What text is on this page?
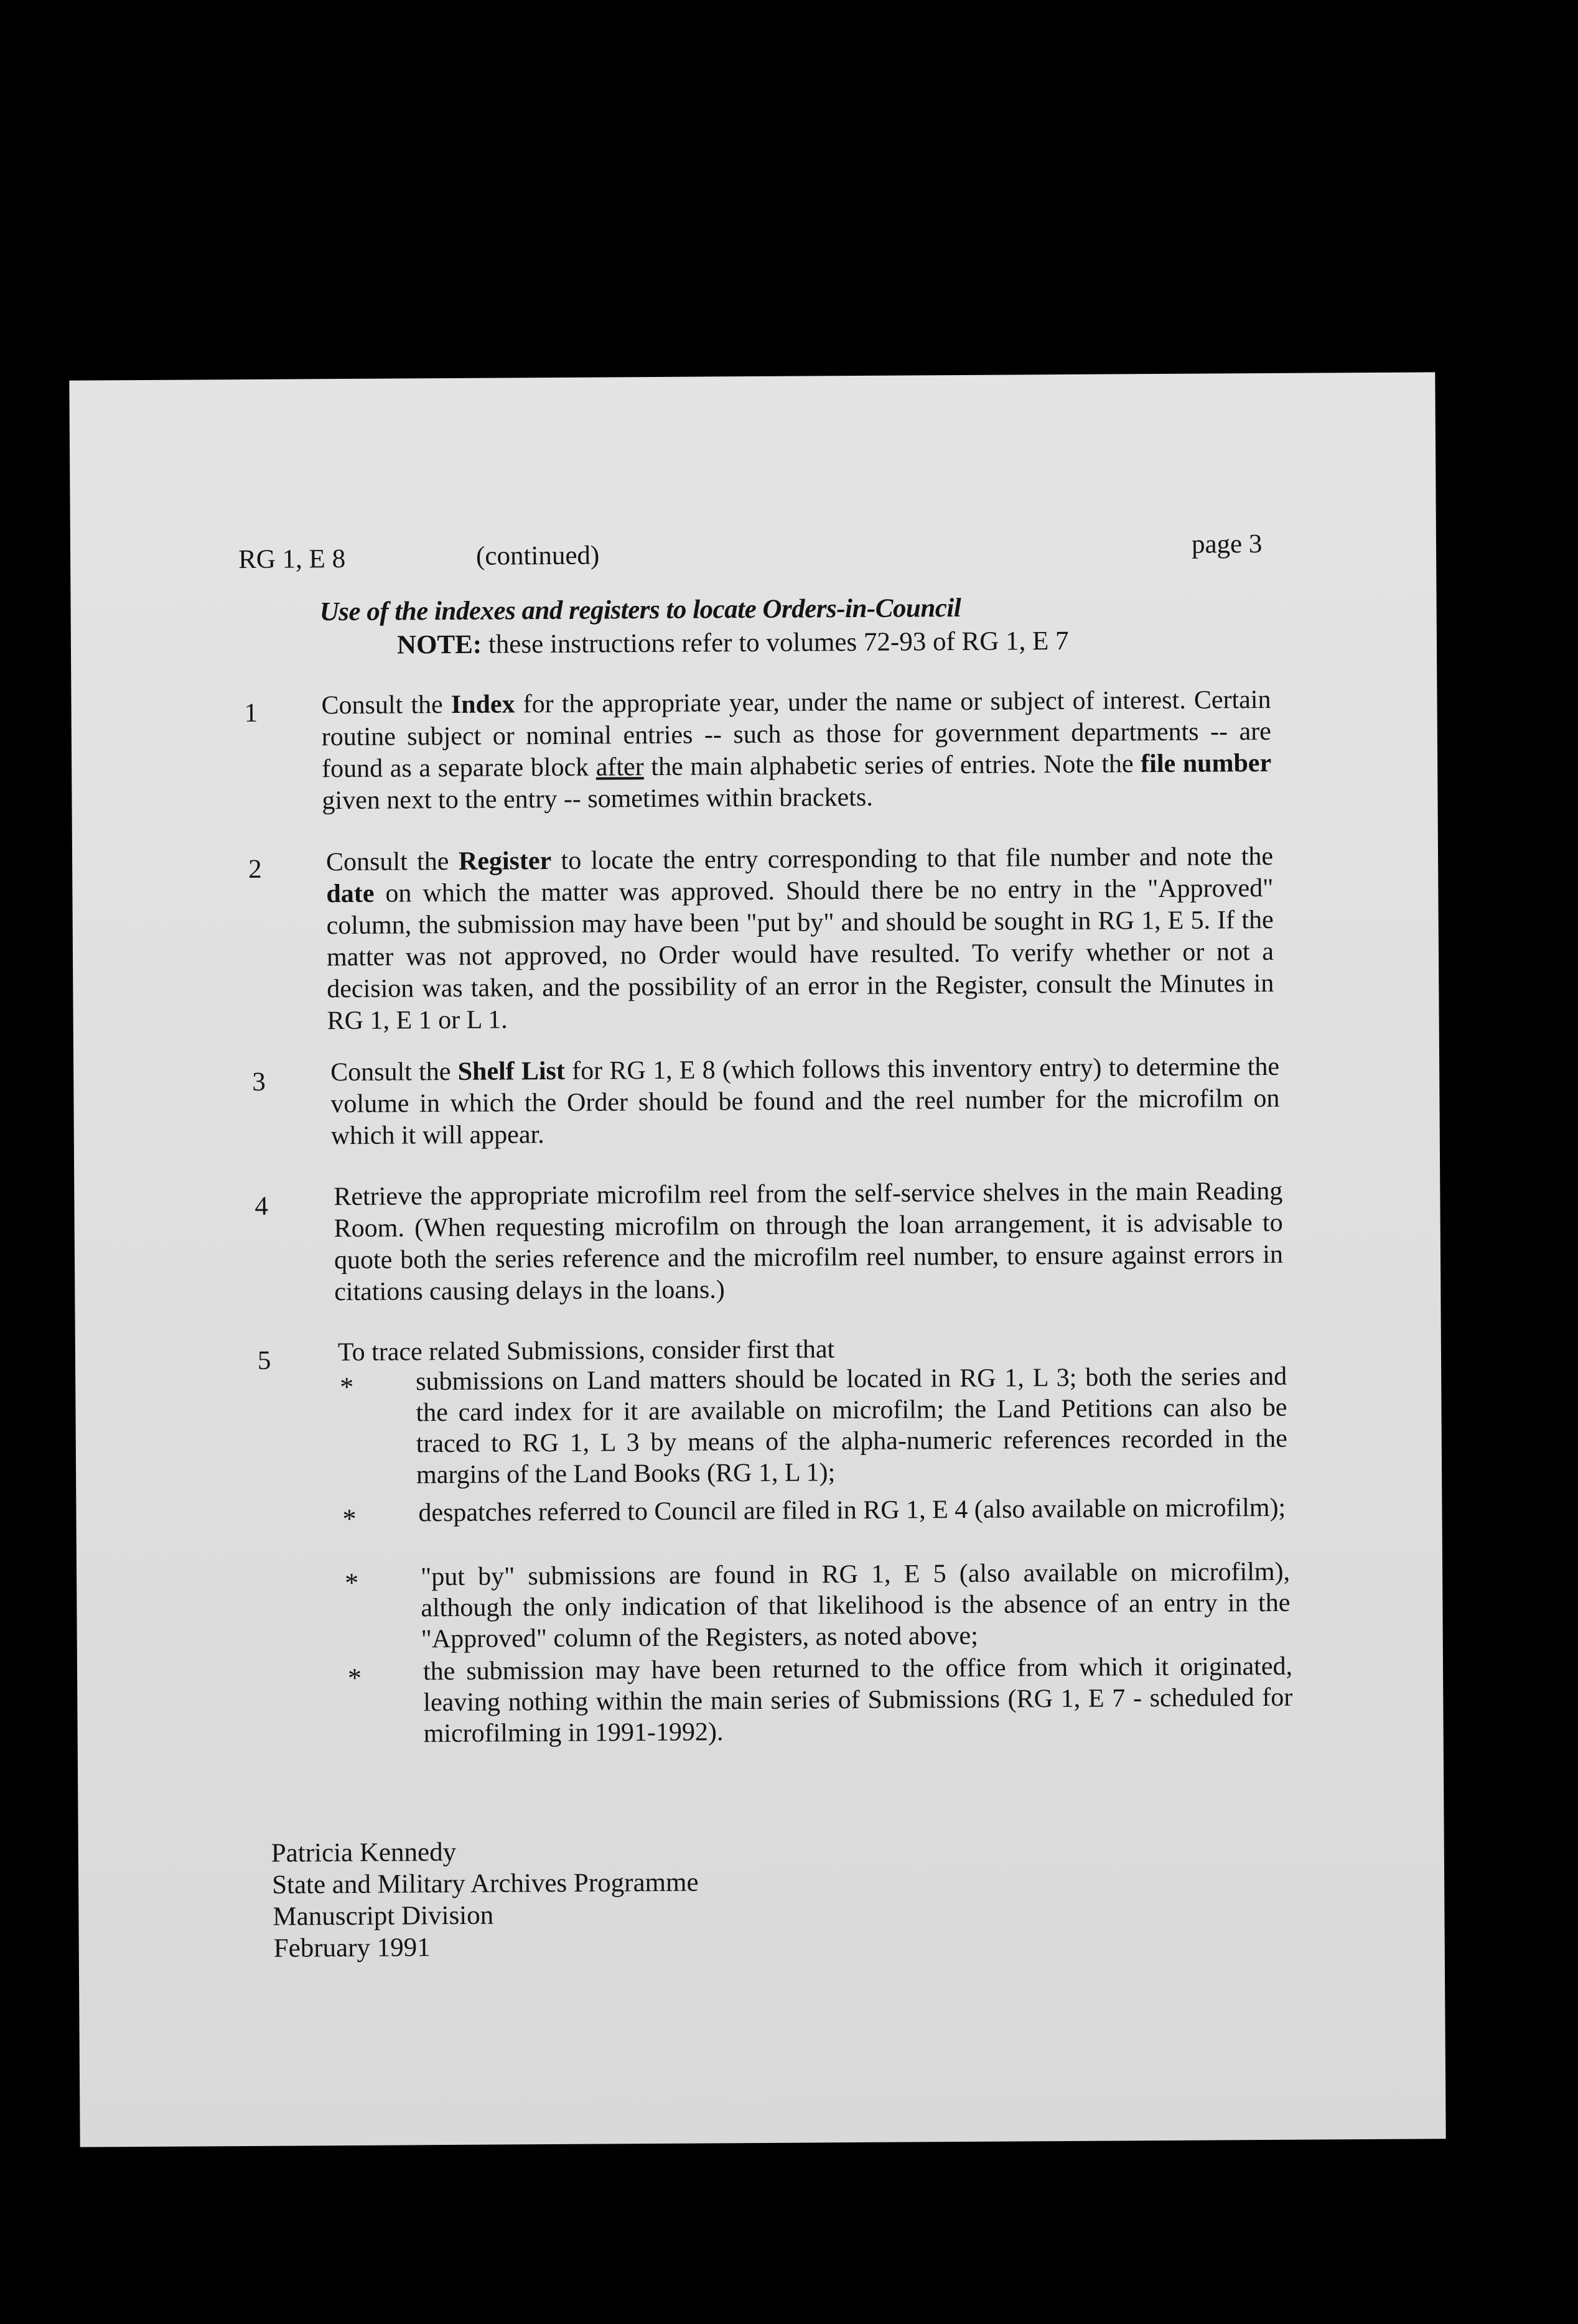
RG 1, E 8	(continued)	page 3
Use of the indexes and registers to locate Orders-in-Council
NOTE: these instructions refer to volumes 72-93 of RG 1, E 7
1 Consult the Index for the appropriate year, under the name or subject of interest. Certain routine subject or nominal entries -- such as those for government departments -- are found as a separate block after the main alphabetic series of entries. Note the file number given next to the entry -- sometimes within brackets.
2 Consult the Register to locate the entry corresponding to that file number and note the date on which the matter was approved. Should there be no entry in the "Approved" column, the submission may have been "put by" and should be sought in RG 1, E 5. If the matter was not approved, no Order would have resulted. To verify whether or not a decision was taken, and the possibility of an error in the Register, consult the Minutes in RG 1, E 1 or L 1.
3 Consult the Shelf List for RG 1, E 8 (which follows this inventory entry) to determine the volume in which the Order should be found and the reel number for the microfilm on which it will appear.
4	Retrieve the appropriate microfilm reel from the self-service shelves in the main Reading Room. (When requesting microfilm on through the loan arrangement, it is advisable to quote both the series reference and the microfilm reel number, to ensure against errors in citations causing delays in the loans.)
5	To trace related Submissions, consider first that
* submissions on Land matters should be located in RG 1, L 3; both the series and the card index for it are available on microfilm; the Land Petitions can also be traced to RG 1, L 3 by means of the alpha-numeric references recorded in the margins of the Land Books (RG 1, L 1);
* despatches referred to Council are filed in RG 1, E 4 (also available on microfilm);
* "put by" submissions are found in RG 1, E 5 (also available on microfilm), although the only indication of that likelihood is the absence of an entry in the "Approved" column of the Registers, as noted above;
* the submission may have been returned to the office from which it originated, leaving nothing within the main series of Submissions (RG 1, E 7 - scheduled for microfilming in 1991-1992).
Patricia Kennedy
State and Military Archives Programme
Manuscript Division
February 1991
